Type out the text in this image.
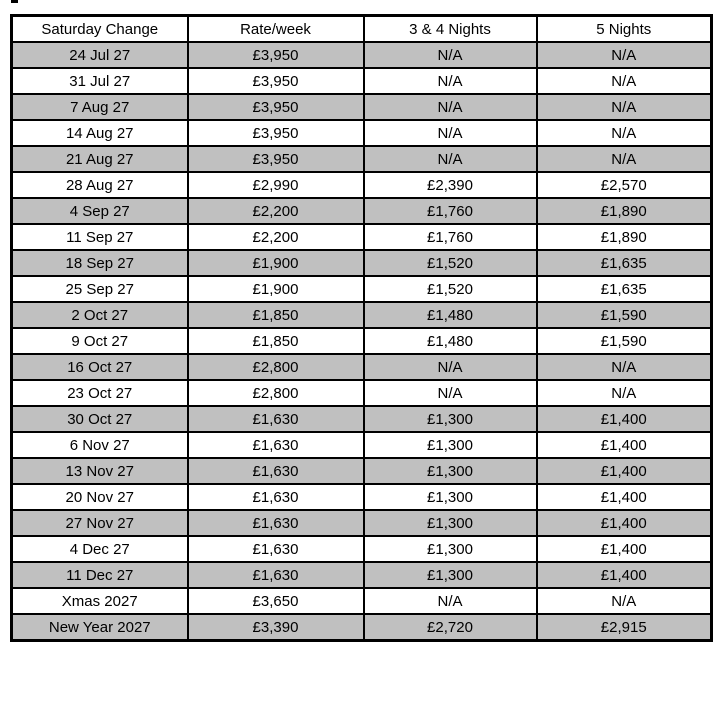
Saturday Change	Rate/week	3 & 4 Nights	5 Nights
24 Jul 27	£3,950	N/A	N/A
31 Jul 27	£3,950	N/A	N/A
7 Aug 27	£3,950	N/A	N/A
14 Aug 27	£3,950	N/A	N/A
21 Aug 27	£3,950	N/A	N/A
28 Aug 27	£2,990	£2,390	£2,570
4 Sep 27	£2,200	£1,760	£1,890
11 Sep 27	£2,200	£1,760	£1,890
18 Sep 27	£1,900	£1,520	£1,635
25 Sep 27	£1,900	£1,520	£1,635
2 Oct 27	£1,850	£1,480	£1,590
9 Oct 27	£1,850	£1,480	£1,590
16 Oct 27	£2,800	N/A	N/A
23 Oct 27	£2,800	N/A	N/A
30 Oct 27	£1,630	£1,300	£1,400
6 Nov 27	£1,630	£1,300	£1,400
13 Nov 27	£1,630	£1,300	£1,400
20 Nov 27	£1,630	£1,300	£1,400
27 Nov 27	£1,630	£1,300	£1,400
4 Dec 27	£1,630	£1,300	£1,400
11 Dec 27	£1,630	£1,300	£1,400
Xmas 2027	£3,650	N/A	N/A
New Year 2027	£3,390	£2,720	£2,915
